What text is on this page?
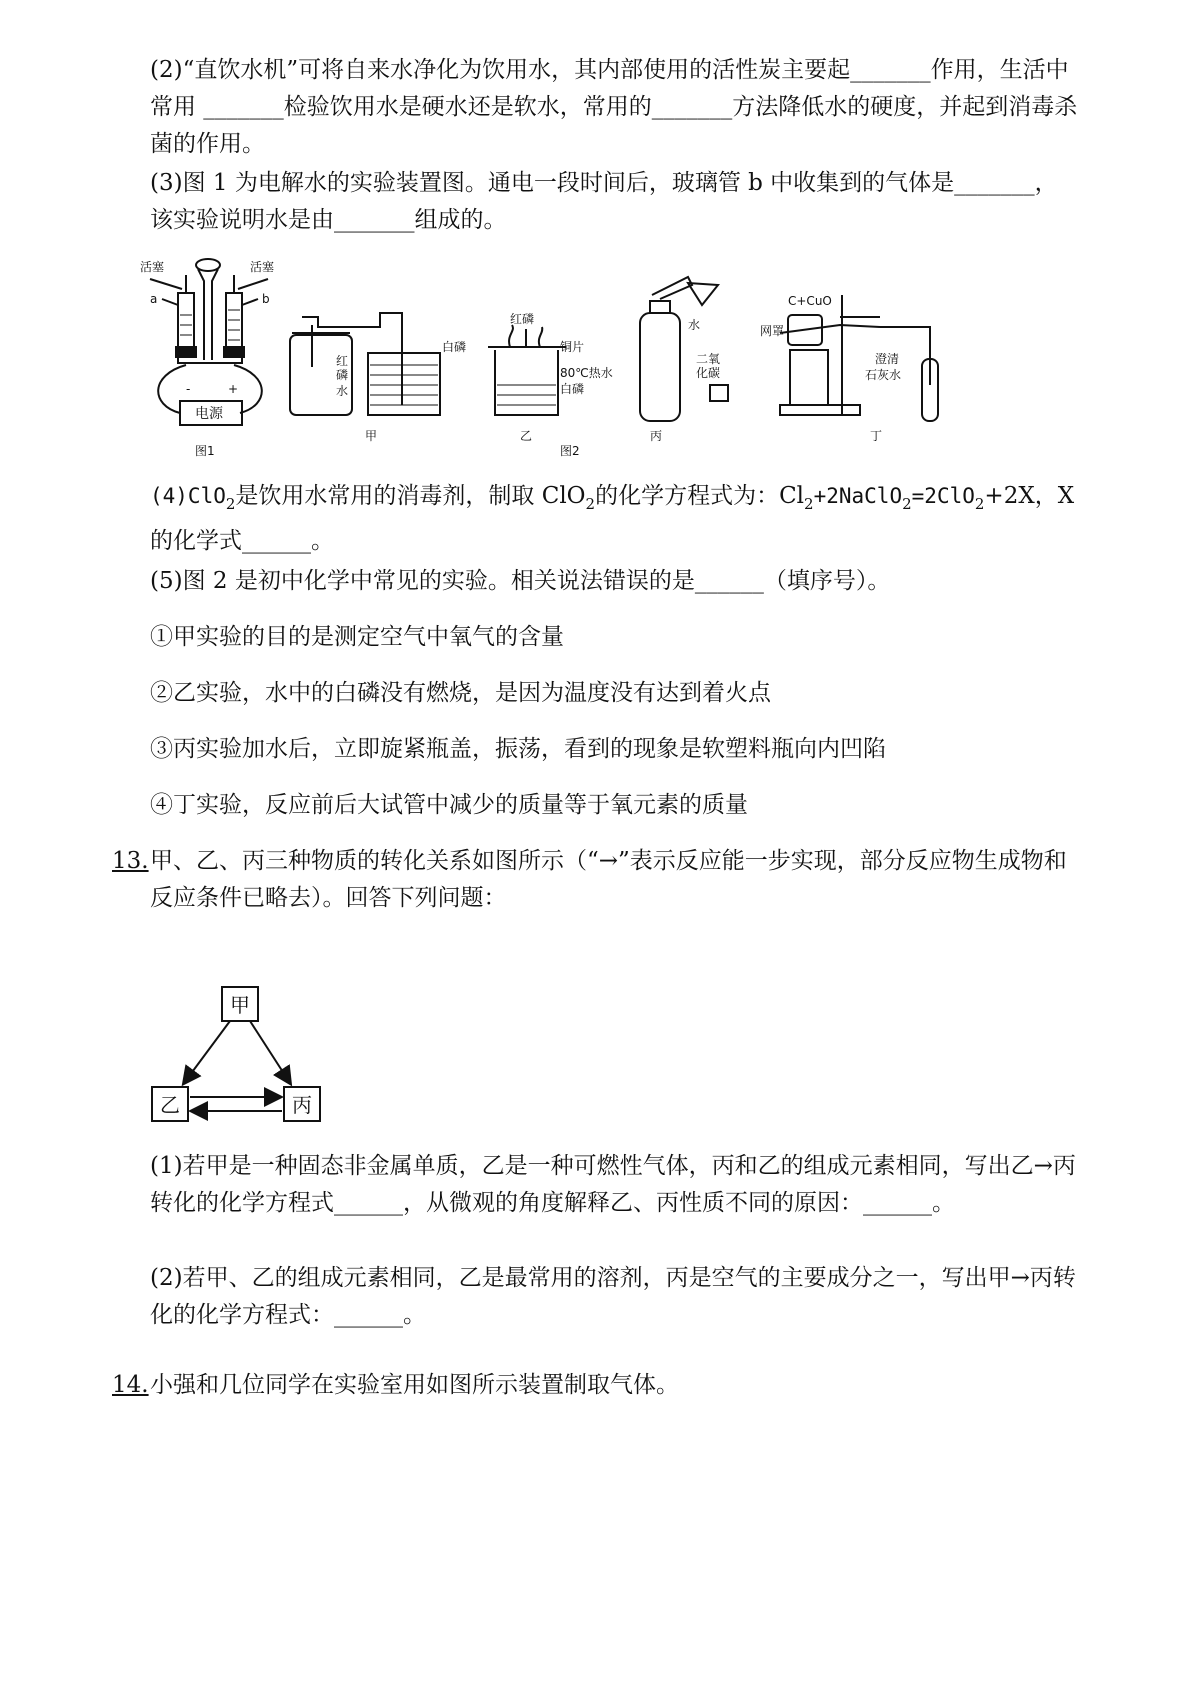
(2)“直饮水机”可将自来水净化为饮用水，其内部使用的活性炭主要起_______作用，生活中常用 _______检验饮用水是硬水还是软水，常用的_______方法降低水的硬度，并起到消毒杀菌的作用。

(3)图 1 为电解水的实验装置图。通电一段时间后，玻璃管 b 中收集到的气体是_______，该实验说明水是由_______组成的。

活塞	活塞
a	b
-	+
电源
图1
红
磷
水
甲
白磷
红磷
铜片
80℃热水
白磷
乙
图2
水
二氧
化碳
丙
C+CuO
网罩
澄清
石灰水
丁

(4)ClO$_2$是饮用水常用的消毒剂，制取 ClO$_2$的化学方程式为：$Cl_2+2NaClO_2=2ClO_2+2X$，X 的化学式______。

(5)图 2 是初中化学中常见的实验。相关说法错误的是______（填序号）。

①甲实验的目的是测定空气中氧气的含量

②乙实验，水中的白磷没有燃烧，是因为温度没有达到着火点

③丙实验加水后，立即旋紧瓶盖，振荡，看到的现象是软塑料瓶向内凹陷

④丁实验，反应前后大试管中减少的质量等于氧元素的质量

13. 甲、乙、丙三种物质的转化关系如图所示（“→”表示反应能一步实现，部分反应物生成物和反应条件已略去）。回答下列问题：

甲
乙	丙

(1)若甲是一种固态非金属单质，乙是一种可燃性气体，丙和乙的组成元素相同，写出乙→丙转化的化学方程式______，从微观的角度解释乙、丙性质不同的原因：______。

(2)若甲、乙的组成元素相同，乙是最常用的溶剂，丙是空气的主要成分之一，写出甲→丙转化的化学方程式：______。

14. 小强和几位同学在实验室用如图所示装置制取气体。
